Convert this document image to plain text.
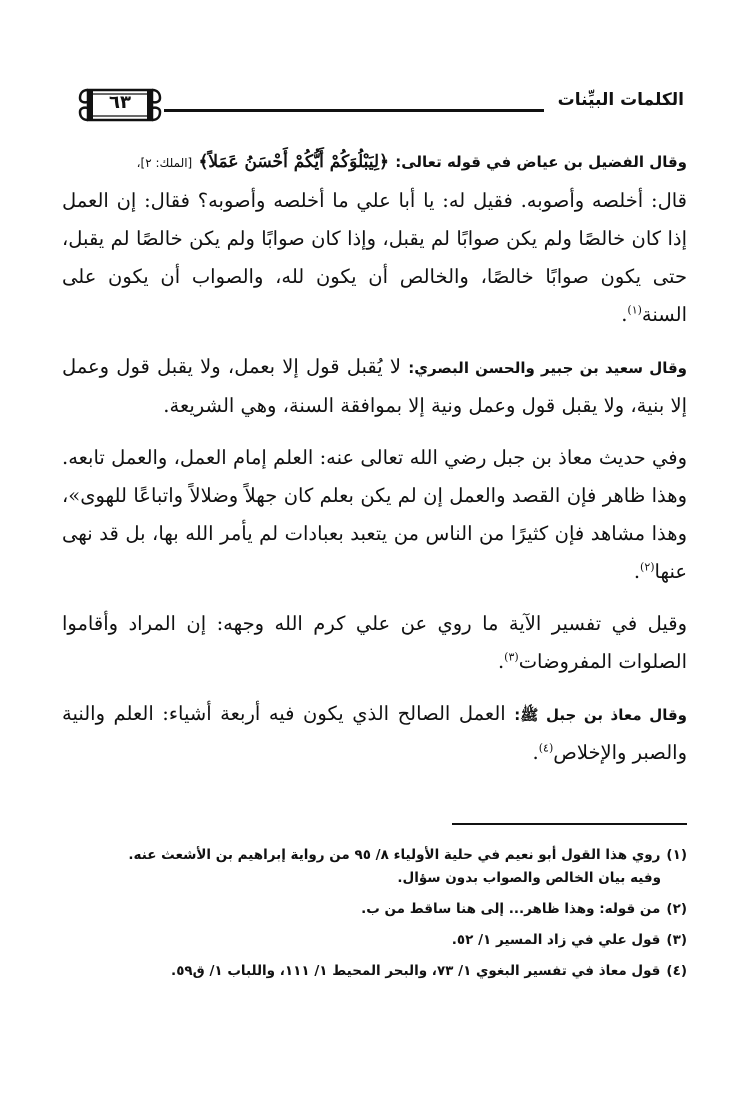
الكلمات البيِّنات
٦٣

وقال الفضيل بن عياض في قوله تعالى: ﴿لِيَبْلُوَكُمْ أَيُّكُمْ أَحْسَنُ عَمَلاً﴾ [الملك: ٢]،

قال: أخلصه وأصوبه. فقيل له: يا أبا علي ما أخلصه وأصوبه؟ فقال: إن العمل إذا كان خالصًا ولم يكن صوابًا لم يقبل، وإذا كان صوابًا ولم يكن خالصًا لم يقبل، حتى يكون صوابًا خالصًا، والخالص أن يكون لله، والصواب أن يكون على السنة$^{(١)}$.

وقال سعيد بن جبير والحسن البصري: لا يُقبل قول إلا بعمل، ولا يقبل قول وعمل إلا بنية، ولا يقبل قول وعمل ونية إلا بموافقة السنة، وهي الشريعة.

وفي حديث معاذ بن جبل رضي الله تعالى عنه: العلم إمام العمل، والعمل تابعه. وهذا ظاهر فإن القصد والعمل إن لم يكن بعلم كان جهلاً وضلالاً واتباعًا للهوى»، وهذا مشاهد فإن كثيرًا من الناس من يتعبد بعبادات لم يأمر الله بها، بل قد نهى عنها$^{(٢)}$.

وقيل في تفسير الآية ما روي عن علي كرم الله وجهه: إن المراد وأقاموا الصلوات المفروضات$^{(٣)}$.

وقال معاذ بن جبل ﷺ: العمل الصالح الذي يكون فيه أربعة أشياء: العلم والنية والصبر والإخلاص$^{(٤)}$.

(١)روي هذا القول أبو نعيم في حلية الأولياء ٨/ ٩٥ من رواية إبراهيم بن الأشعث عنه.

وفيه بيان الخالص والصواب بدون سؤال.

(٢)من قوله: وهذا ظاهر... إلى هنا ساقط من ب.

(٣)قول علي في زاد المسير ١/ ٥٢.

(٤)قول معاذ في تفسير البغوي ١/ ٧٣، والبحر المحيط ١/ ١١١، واللباب ١/ ق٥٩.
